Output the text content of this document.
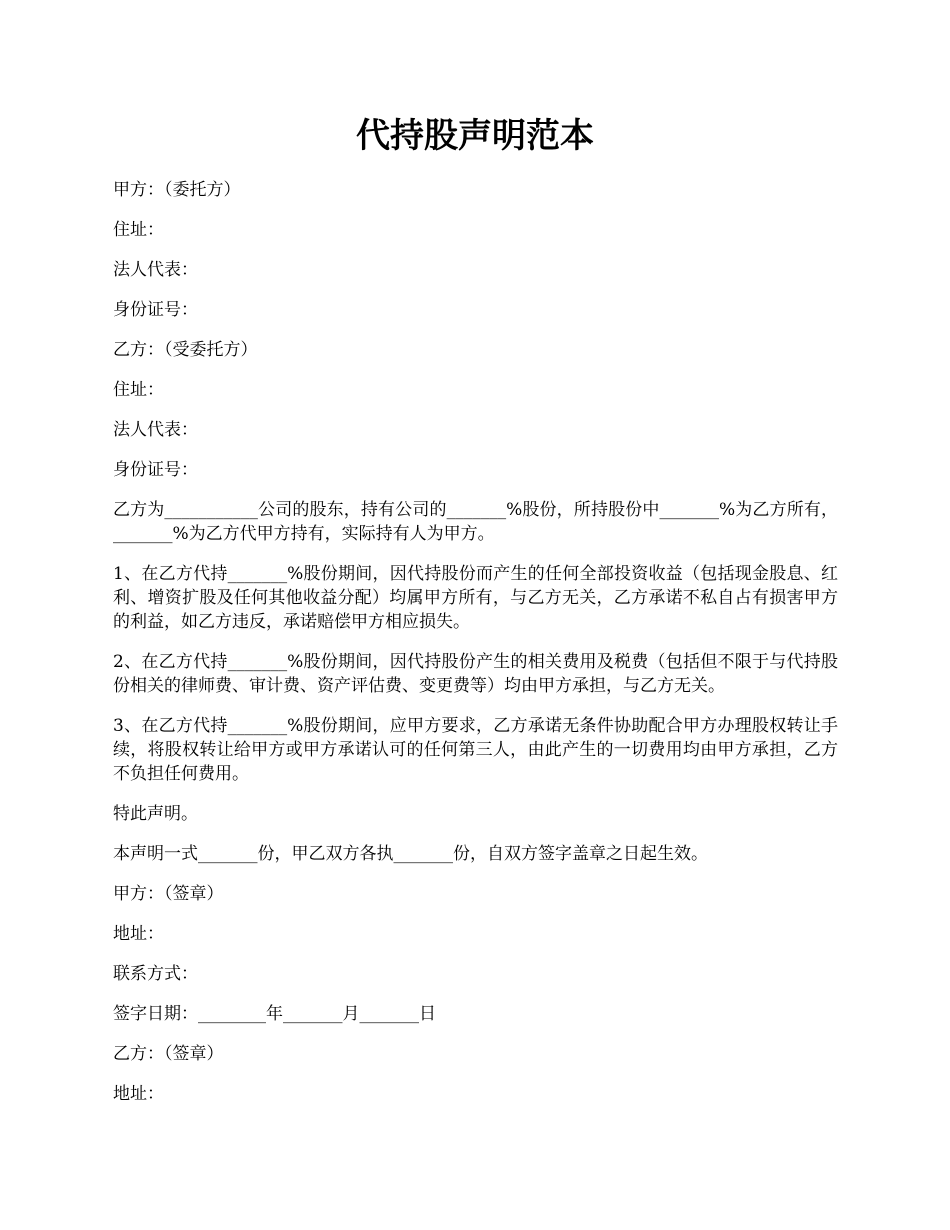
代持股声明范本

甲方：（委托方）

住址：

法人代表：

身份证号：

乙方：（受委托方）

住址：

法人代表：

身份证号：

乙方为___________公司的股东，持有公司的_______%股份，所持股份中_______%为乙方所有，_______%为乙方代甲方持有，实际持有人为甲方。

1、在乙方代持_______%股份期间，因代持股份而产生的任何全部投资收益（包括现金股息、红利、增资扩股及任何其他收益分配）均属甲方所有，与乙方无关，乙方承诺不私自占有损害甲方的利益，如乙方违反，承诺赔偿甲方相应损失。

2、在乙方代持_______%股份期间，因代持股份产生的相关费用及税费（包括但不限于与代持股份相关的律师费、审计费、资产评估费、变更费等）均由甲方承担，与乙方无关。

3、在乙方代持_______%股份期间，应甲方要求，乙方承诺无条件协助配合甲方办理股权转让手续，将股权转让给甲方或甲方承诺认可的任何第三人，由此产生的一切费用均由甲方承担，乙方不负担任何费用。

特此声明。

本声明一式_______份，甲乙双方各执_______份，自双方签字盖章之日起生效。

甲方：（签章）

地址：

联系方式：

签字日期：________年_______月_______日

乙方：（签章）

地址：
